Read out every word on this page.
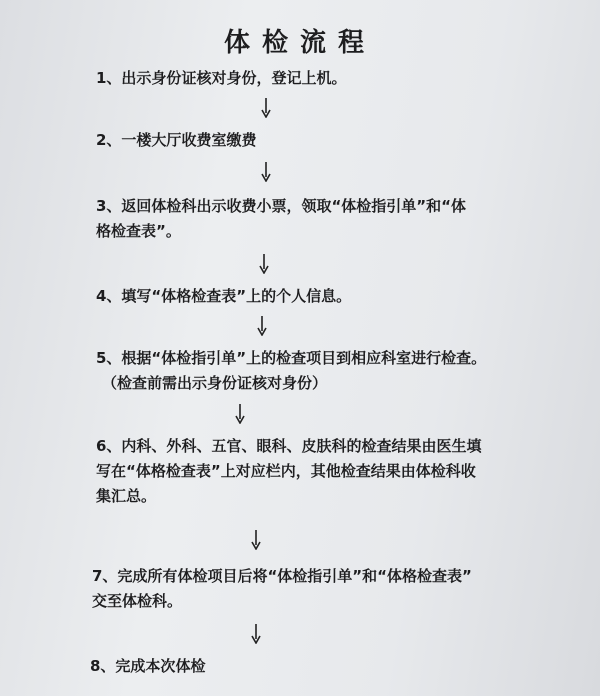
体检流程
1、出示身份证核对身份，登记上机。
2、一楼大厅收费室缴费
3、返回体检科出示收费小票，领取“体检指引单”和“体
格检查表”。
4、填写“体格检查表”上的个人信息。
5、根据“体检指引单”上的检查项目到相应科室进行检查。
（检查前需出示身份证核对身份）
6、内科、外科、五官、眼科、皮肤科的检查结果由医生填
写在“体格检查表”上对应栏内，其他检查结果由体检科收
集汇总。
7、完成所有体检项目后将“体检指引单”和“体格检查表”
交至体检科。
8、完成本次体检
